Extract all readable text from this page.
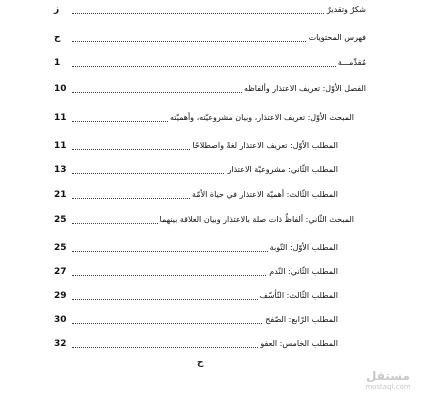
ز	شكرٌ وتقديرٌ
ح	فهرس المحتويات
1	مُقدِّمـــة
10	الفصل الأوّل: تعريف الاعتذار وألفاظه
11	المبحث الأوّل: تعريف الاعتذار، وبيان مشروعيّته، وأهميّته
11	المطلب الأوّل: تعريف الاعتذار لغةً واصطلاحًا
13	المطلب الثّاني: مشروعيّة الاعتذار
21	المطلب الثّالث: أهميّة الاعتذار في حياة الأمّة
25	المبحث الثّاني: ألفاظٌ ذات صلة بالاعتذار وبيان العلاقة بينهما
25	المطلب الأوّل: التّوبة
27	المطلب الثّاني: النّدم
29	المطلب الثّالث: التّأسّف
30	المطلب الرّابع: الصّفح
32	المطلب الخامس: العفو
ح
مستقل
mostaql.com
